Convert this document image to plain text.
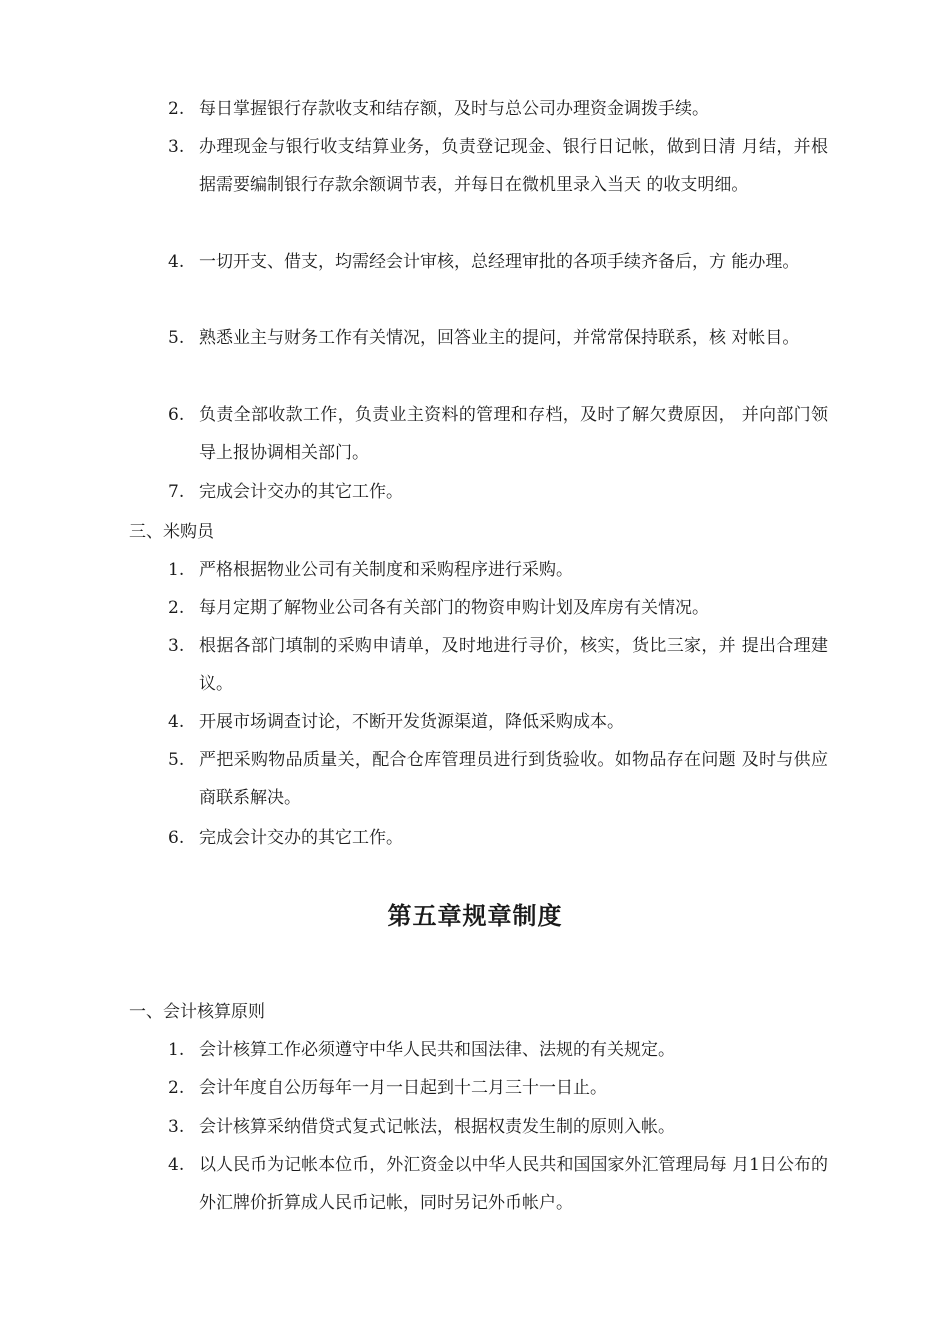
2. 每日掌握银行存款收支和结存额，及时与总公司办理资金调拨手续。
3. 办理现金与银行收支结算业务，负责登记现金、银行日记帐，做到日清 月结，并根据需要编制银行存款余额调节表，并每日在微机里录入当天 的收支明细。
4. 一切开支、借支，均需经会计审核，总经理审批的各项手续齐备后，方 能办理。
5. 熟悉业主与财务工作有关情况，回答业主的提问，并常常保持联系，核 对帐目。
6. 负责全部收款工作，负责业主资料的管理和存档，及时了解欠费原因， 并向部门领导上报协调相关部门。
7. 完成会计交办的其它工作。
三、米购员
1. 严格根据物业公司有关制度和采购程序进行采购。
2. 每月定期了解物业公司各有关部门的物资申购计划及库房有关情况。
3. 根据各部门填制的采购申请单，及时地进行寻价，核实，货比三家，并 提出合理建议。
4. 开展市场调查讨论，不断开发货源渠道，降低采购成本。
5. 严把采购物品质量关，配合仓库管理员进行到货验收。如物品存在问题 及时与供应商联系解决。
6. 完成会计交办的其它工作。
第五章规章制度
一、会计核算原则
1. 会计核算工作必须遵守中华人民共和国法律、法规的有关规定。
2. 会计年度自公历每年一月一日起到十二月三十一日止。
3. 会计核算采纳借贷式复式记帐法，根据权责发生制的原则入帐。
4. 以人民币为记帐本位币，外汇资金以中华人民共和国国家外汇管理局每 月1日公布的外汇牌价折算成人民币记帐，同时另记外币帐户。
